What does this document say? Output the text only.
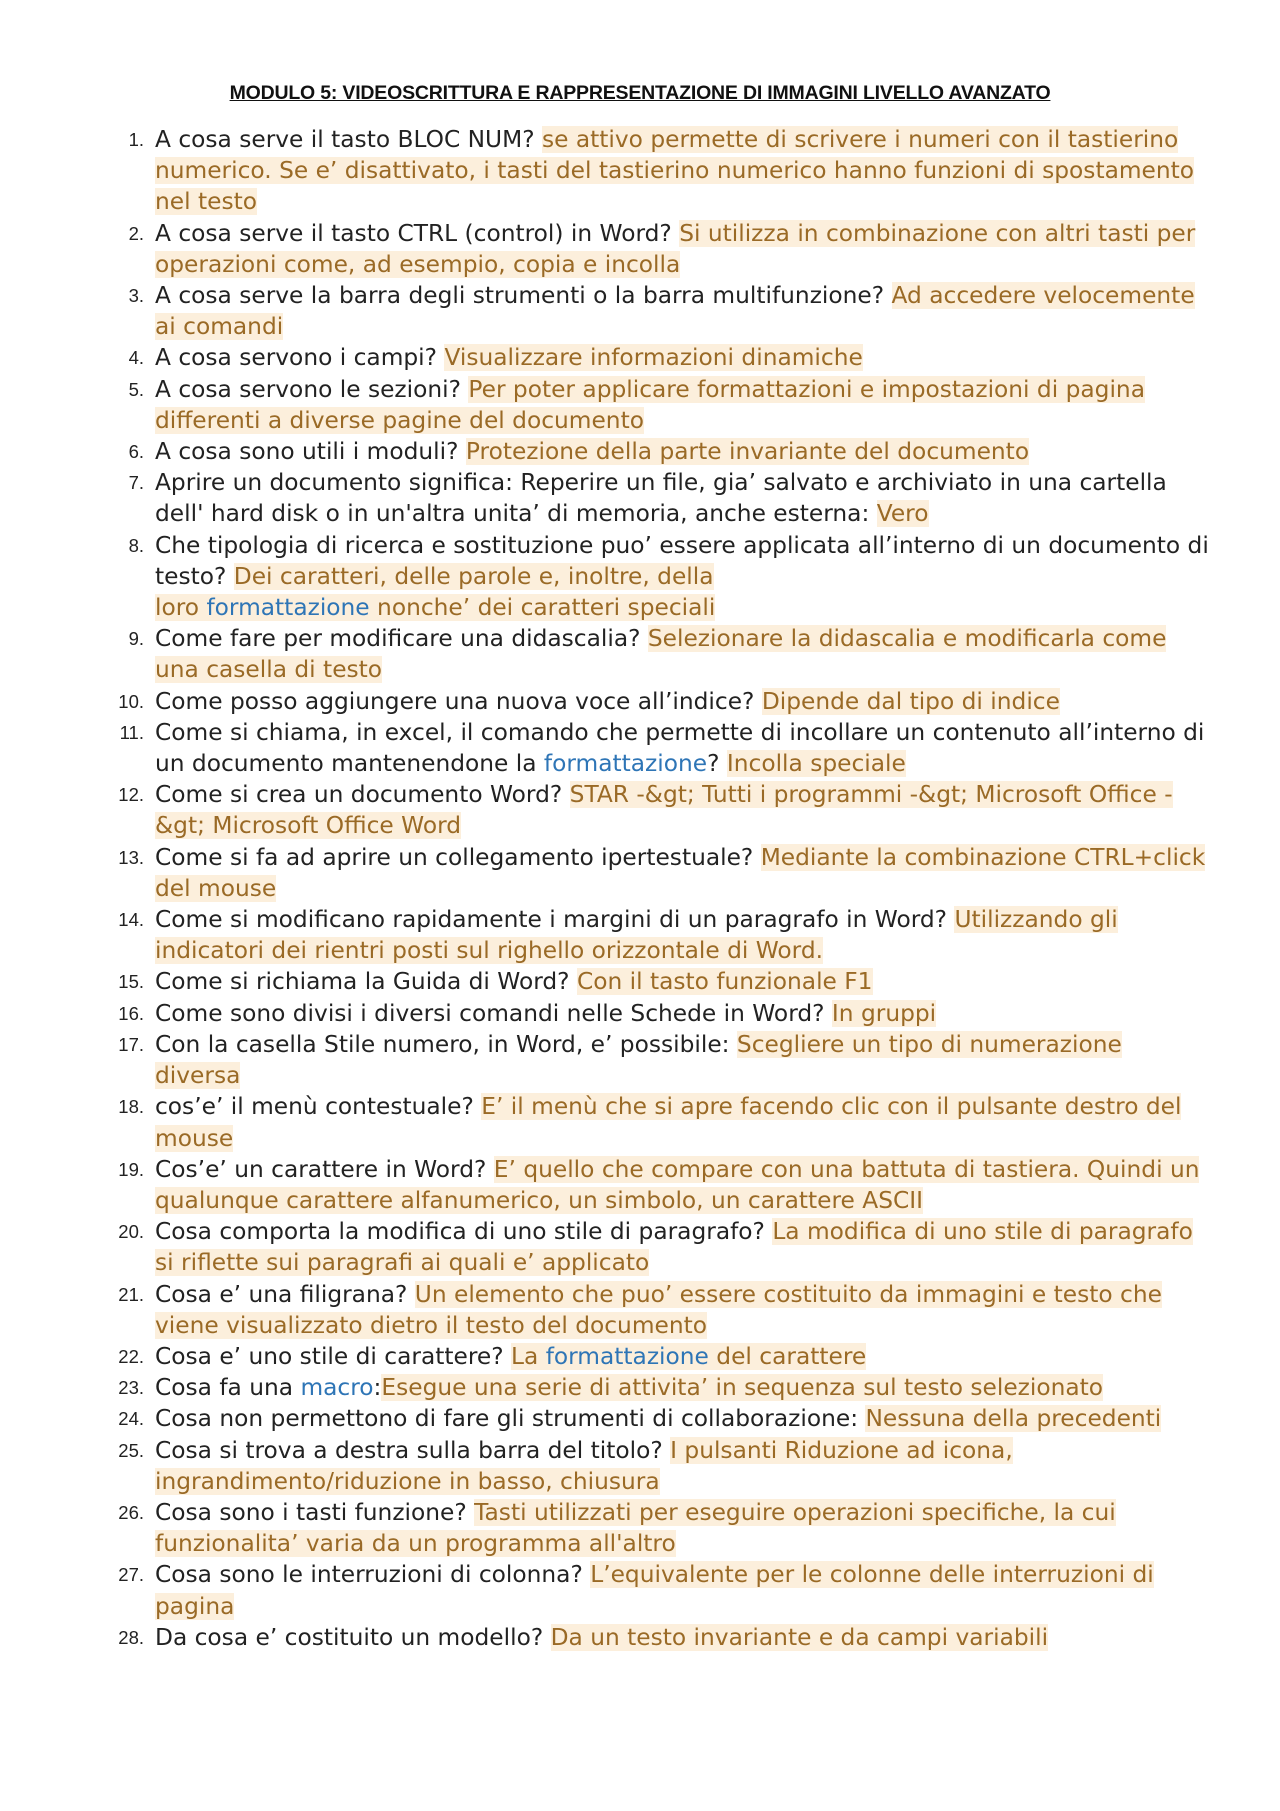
MODULO 5: VIDEOSCRITTURA E RAPPRESENTAZIONE DI IMMAGINI LIVELLO AVANZATO
1. A cosa serve il tasto BLOC NUM? se attivo permette di scrivere i numeri con il tastierino numerico. Se e’ disattivato, i tasti del tastierino numerico hanno funzioni di spostamento nel testo
2. A cosa serve il tasto CTRL (control) in Word? Si utilizza in combinazione con altri tasti per operazioni come, ad esempio, copia e incolla
3. A cosa serve la barra degli strumenti o la barra multifunzione? Ad accedere velocemente ai comandi
4. A cosa servono i campi? Visualizzare informazioni dinamiche
5. A cosa servono le sezioni? Per poter applicare formattazioni e impostazioni di pagina differenti a diverse pagine del documento
6. A cosa sono utili i moduli? Protezione della parte invariante del documento
7. Aprire un documento significa: Reperire un file, gia’ salvato e archiviato in una cartella dell' hard disk o in un'altra unita’ di memoria, anche esterna: Vero
8. Che tipologia di ricerca e sostituzione puo’ essere applicata all’interno di un documento di testo? Dei caratteri, delle parole e, inoltre, della
loro formattazione nonche’ dei caratteri speciali
9. Come fare per modificare una didascalia? Selezionare la didascalia e modificarla come una casella di testo
10. Come posso aggiungere una nuova voce all’indice? Dipende dal tipo di indice
11. Come si chiama, in excel, il comando che permette di incollare un contenuto all’interno di un documento mantenendone la formattazione? Incolla speciale
12. Come si crea un documento Word? STAR -&gt; Tutti i programmi -&gt; Microsoft Office -&gt; Microsoft Office Word
13. Come si fa ad aprire un collegamento ipertestuale? Mediante la combinazione CTRL+click del mouse
14. Come si modificano rapidamente i margini di un paragrafo in Word? Utilizzando gli indicatori dei rientri posti sul righello orizzontale di Word.
15. Come si richiama la Guida di Word? Con il tasto funzionale F1
16. Come sono divisi i diversi comandi nelle Schede in Word? In gruppi
17. Con la casella Stile numero, in Word, e’ possibile: Scegliere un tipo di numerazione diversa
18. cos’e’ il menù contestuale? E’ il menù che si apre facendo clic con il pulsante destro del mouse
19. Cos’e’ un carattere in Word? E’ quello che compare con una battuta di tastiera. Quindi un qualunque carattere alfanumerico, un simbolo, un carattere ASCII
20. Cosa comporta la modifica di uno stile di paragrafo? La modifica di uno stile di paragrafo si riflette sui paragrafi ai quali e’ applicato
21. Cosa e’ una filigrana? Un elemento che puo’ essere costituito da immagini e testo che viene visualizzato dietro il testo del documento
22. Cosa e’ uno stile di carattere? La formattazione del carattere
23. Cosa fa una macro:Esegue una serie di attivita’ in sequenza sul testo selezionato
24. Cosa non permettono di fare gli strumenti di collaborazione: Nessuna della precedenti
25. Cosa si trova a destra sulla barra del titolo? I pulsanti Riduzione ad icona, ingrandimento/riduzione in basso, chiusura
26. Cosa sono i tasti funzione? Tasti utilizzati per eseguire operazioni specifiche, la cui funzionalita’ varia da un programma all'altro
27. Cosa sono le interruzioni di colonna? L’equivalente per le colonne delle interruzioni di pagina
28. Da cosa e’ costituito un modello? Da un testo invariante e da campi variabili
